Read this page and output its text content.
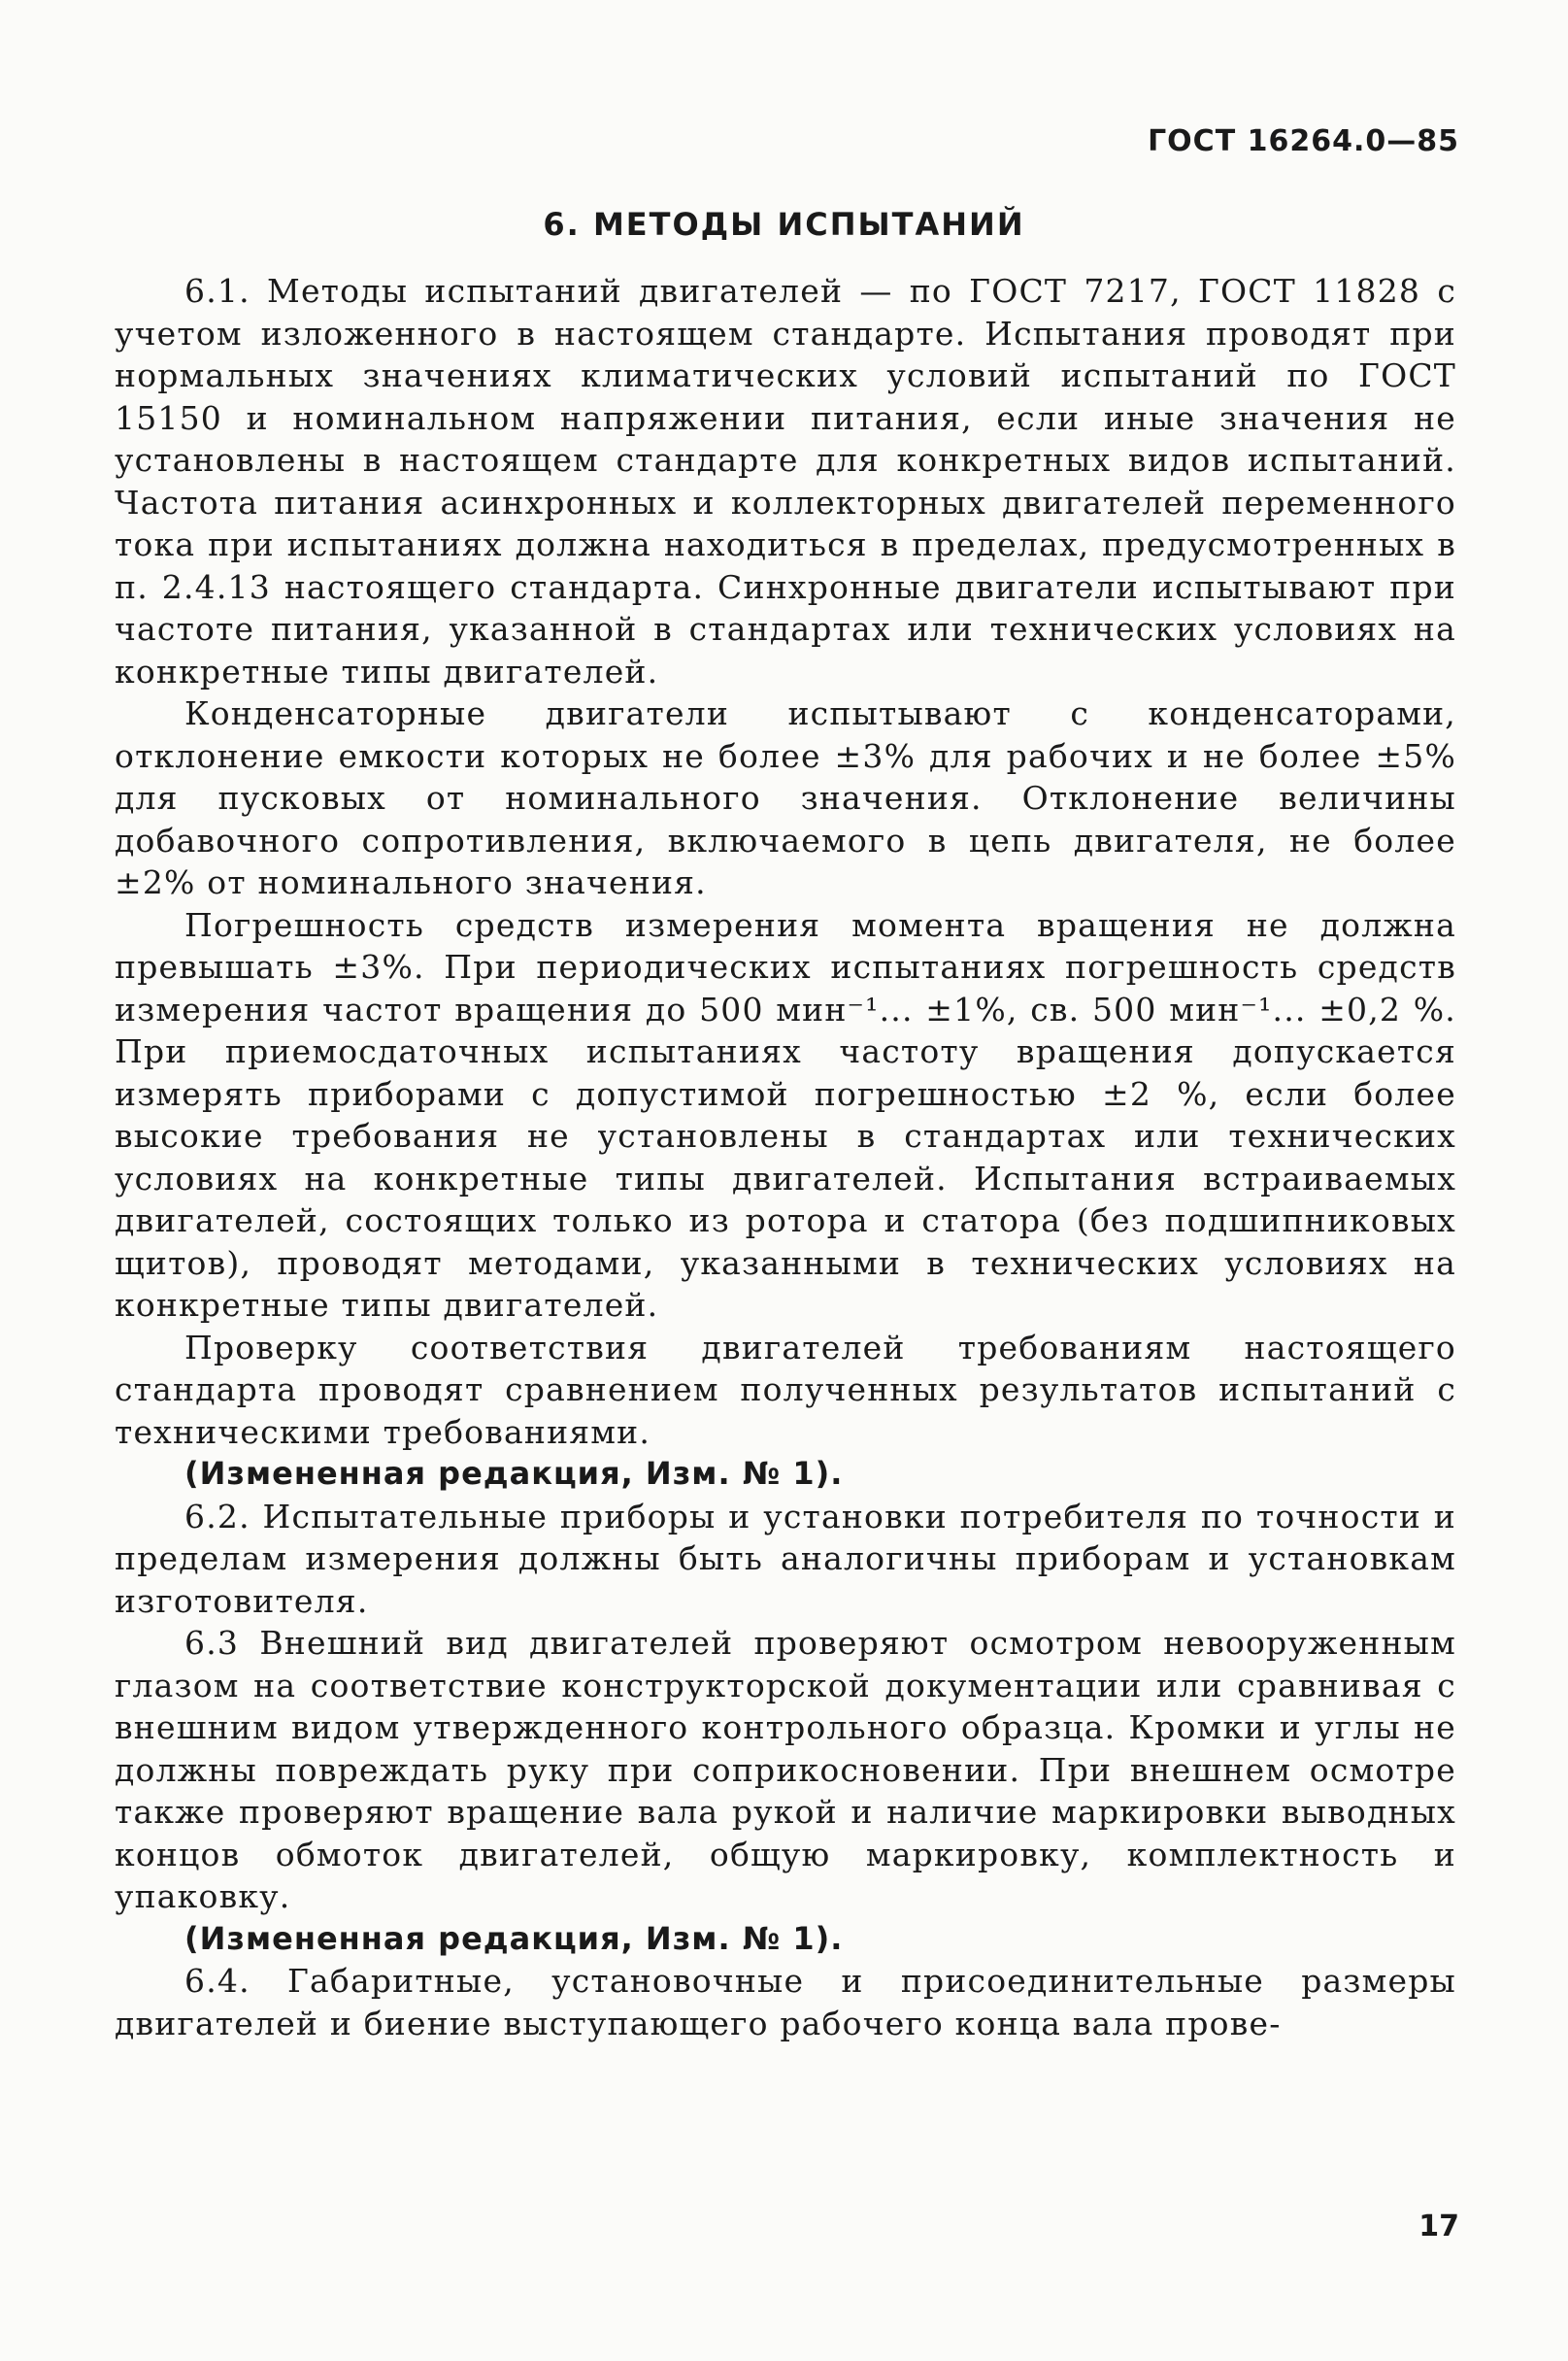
ГОСТ 16264.0—85
6. МЕТОДЫ ИСПЫТАНИЙ

6.1. Методы испытаний двигателей — по ГОСТ 7217, ГОСТ 11828 с учетом изложенного в настоящем стандарте. Испытания проводят при нормальных значениях климатических условий испытаний по ГОСТ 15150 и номинальном напряжении питания, если иные значения не установлены в настоящем стандарте для конкретных видов испытаний. Частота питания асинхронных и коллекторных двигателей переменного тока при испытаниях должна находиться в пределах, предусмотренных в п. 2.4.13 настоящего стандарта. Синхронные двигатели испытывают при частоте питания, указанной в стандартах или технических условиях на конкретные типы двигателей.

Конденсаторные двигатели испытывают с конденсаторами, отклонение емкости которых не более ±3% для рабочих и не более ±5% для пусковых от номинального значения. Отклонение величины добавочного сопротивления, включаемого в цепь двигателя, не более ±2% от номинального значения.

Погрешность средств измерения момента вращения не должна превышать ±3%. При периодических испытаниях погрешность средств измерения частот вращения до 500 мин⁻¹... ±1%, св. 500 мин⁻¹... ±0,2 %. При приемосдаточных испытаниях частоту вращения допускается измерять приборами с допустимой погрешностью ±2 %, если более высокие требования не установлены в стандартах или технических условиях на конкретные типы двигателей. Испытания встраиваемых двигателей, состоящих только из ротора и статора (без подшипниковых щитов), проводят методами, указанными в технических условиях на конкретные типы двигателей.

Проверку соответствия двигателей требованиям настоящего стандарта проводят сравнением полученных результатов испытаний с техническими требованиями.

(Измененная редакция, Изм. № 1).

6.2. Испытательные приборы и установки потребителя по точности и пределам измерения должны быть аналогичны приборам и установкам изготовителя.

6.3 Внешний вид двигателей проверяют осмотром невооруженным глазом на соответствие конструкторской документации или сравнивая с внешним видом утвержденного контрольного образца. Кромки и углы не должны повреждать руку при соприкосновении. При внешнем осмотре также проверяют вращение вала рукой и наличие маркировки выводных концов обмоток двигателей, общую маркировку, комплектность и упаковку.

(Измененная редакция, Изм. № 1).

6.4. Габаритные, установочные и присоединительные размеры двигателей и биение выступающего рабочего конца вала прове-

17
